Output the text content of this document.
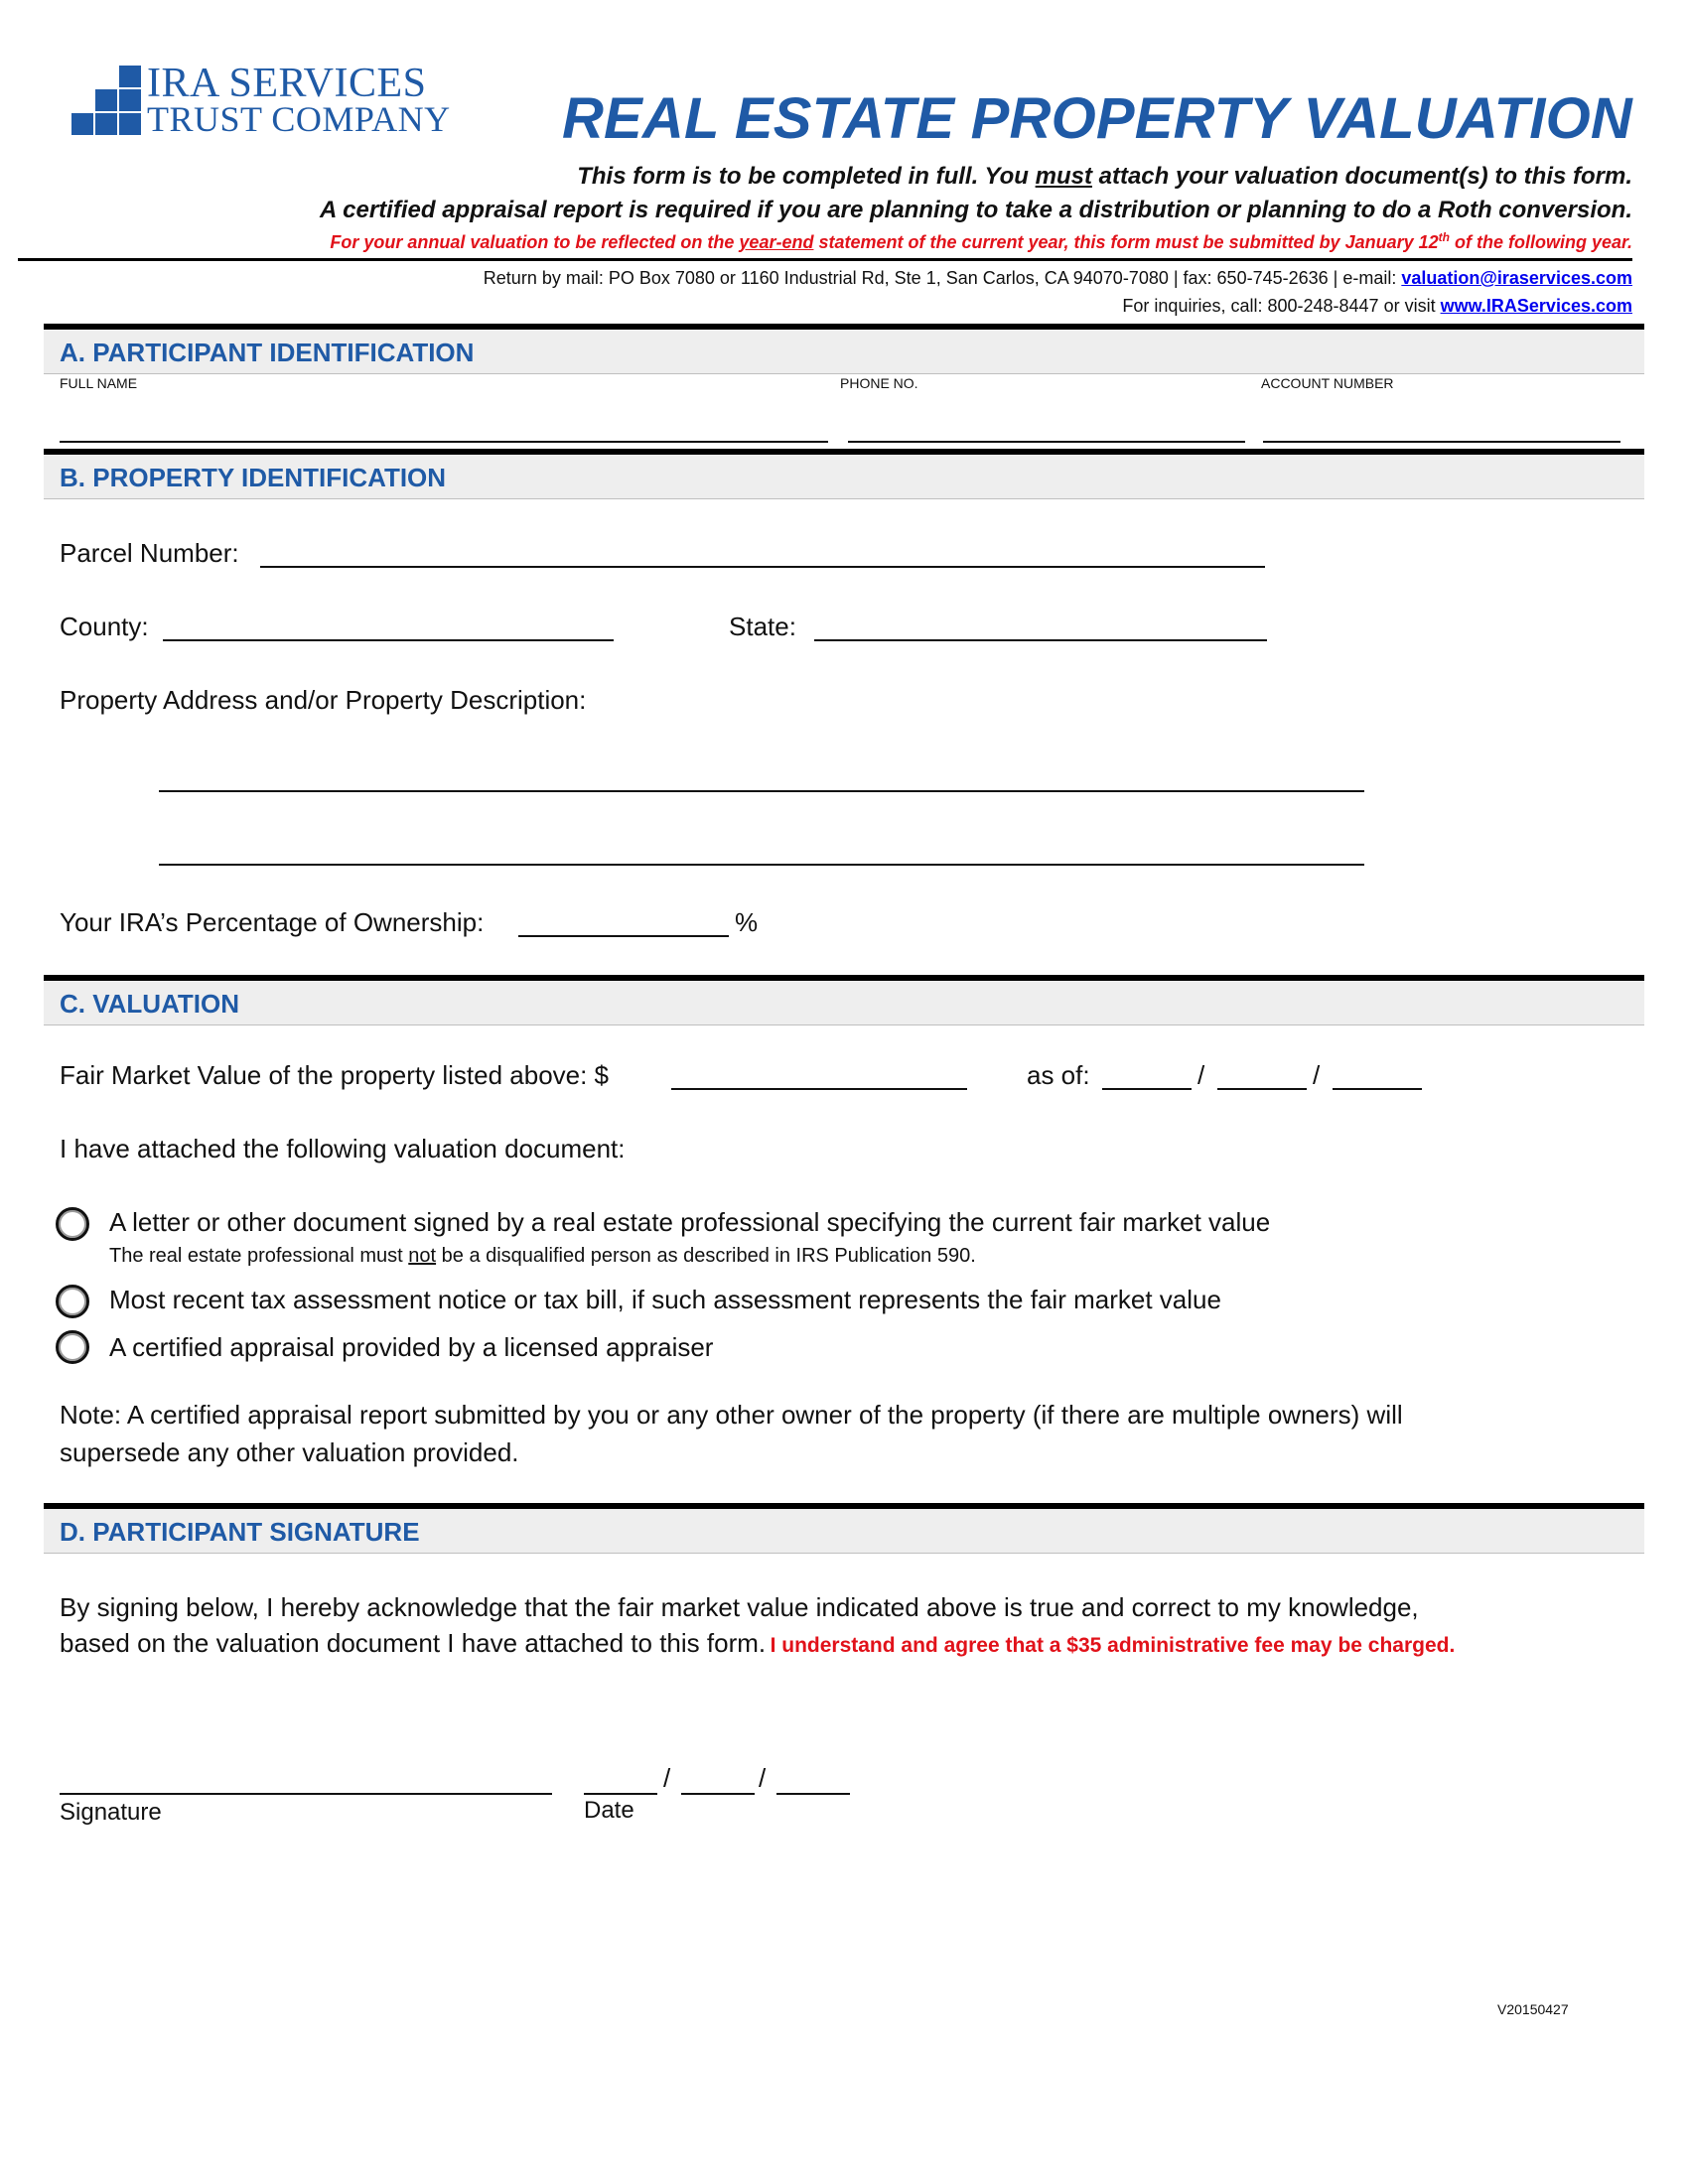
IRA SERVICES
TRUST COMPANY REAL ESTATE PROPERTY VALUATION
This form is to be completed in full. You must attach your valuation document(s) to this form.
A certified appraisal report is required if you are planning to take a distribution or planning to do a Roth conversion.
For your annual valuation to be reflected on the year-end statement of the current year, this form must be submitted by January 12th of the following year.
Return by mail: PO Box 7080 or 1160 Industrial Rd, Ste 1, San Carlos, CA 94070-7080 | fax: 650-745-2636 | e-mail: valuation@iraservices.com
For inquiries, call: 800-248-8447 or visit www.IRAServices.com
A. PARTICIPANT IDENTIFICATION
FULL NAME	PHONE NO.	ACCOUNT NUMBER
B. PROPERTY IDENTIFICATION
Parcel Number:
County:	State:
Property Address and/or Property Description:
Your IRA’s Percentage of Ownership:	%
C. VALUATION
Fair Market Value of the property listed above: $	as of:	/	/
I have attached the following valuation document:
A letter or other document signed by a real estate professional specifying the current fair market value
The real estate professional must not be a disqualified person as described in IRS Publication 590.
Most recent tax assessment notice or tax bill, if such assessment represents the fair market value
A certified appraisal provided by a licensed appraiser
Note: A certified appraisal report submitted by you or any other owner of the property (if there are multiple owners) will
supersede any other valuation provided.
D. PARTICIPANT SIGNATURE
By signing below, I hereby acknowledge that the fair market value indicated above is true and correct to my knowledge,
based on the valuation document I have attached to this form. I understand and agree that a $35 administrative fee may be charged.
Signature
/	/
Date
V20150427
